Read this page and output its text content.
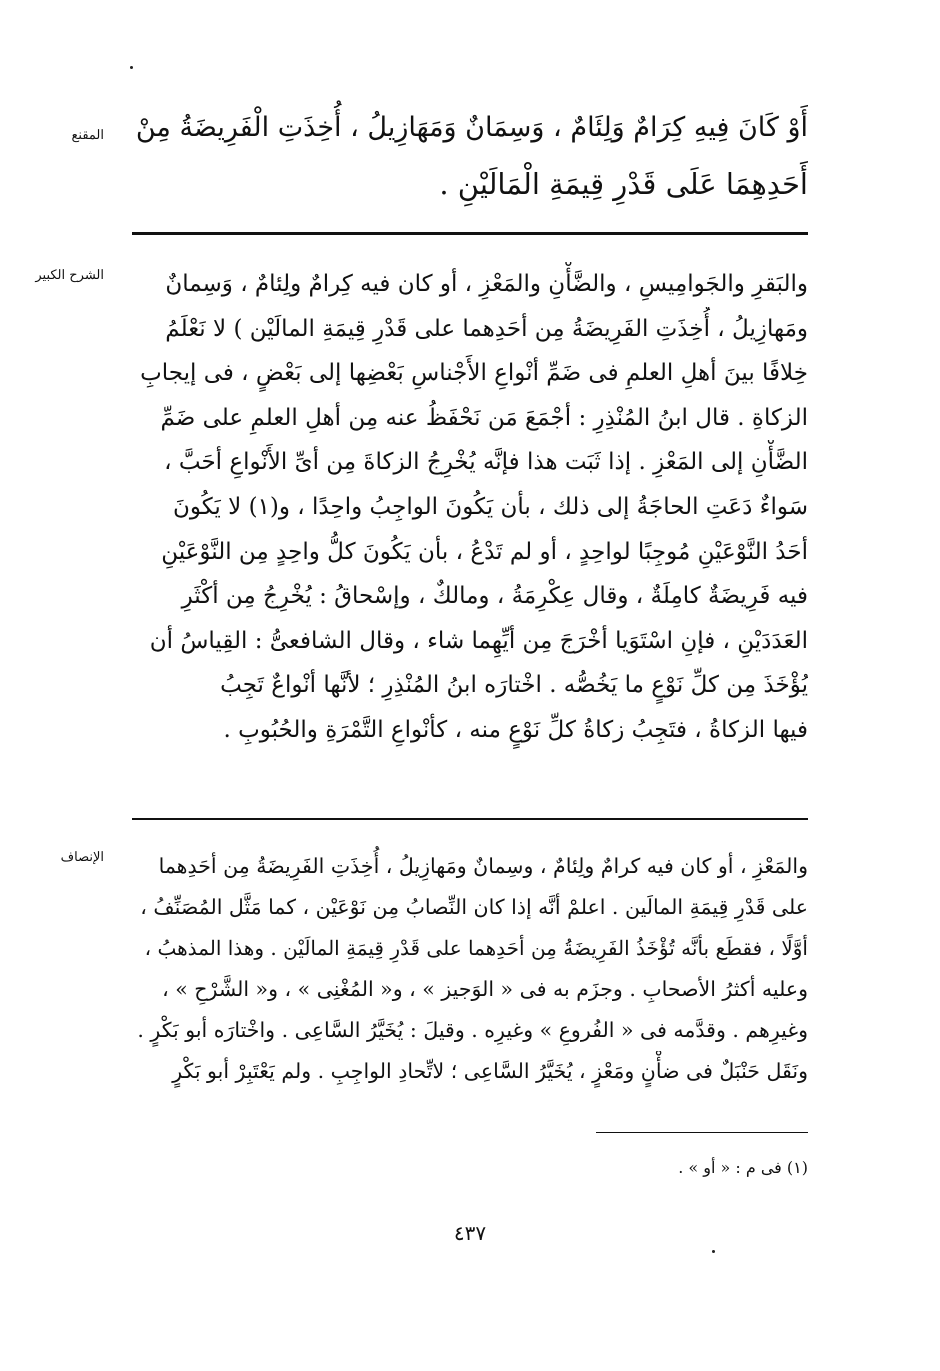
المقنع أَوْ كَانَ فِيهِ كِرَامٌ وَلِئَامٌ ، وَسِمَانٌ وَمَهَازِيلُ ، أُخِذَتِ الْفَرِيضَةُ مِنْ
أَحَدِهِمَا عَلَى قَدْرِ قِيمَةِ الْمَالَيْنِ .
الشرح الكبير	والبَقرِ والجَوامِيسِ ، والضَّأْنِ والمَعْزِ ، أو كان فيه كِرامٌ ولِئامٌ ، وَسِمانٌ
ومَهازِيلُ ، أُخِذَتِ الفَرِيضَةُ مِن أحَدِهما على قَدْرِ قِيمَةِ المالَيْن ) لا نَعْلَمُ
خِلافًا بينَ أهلِ العلمِ فى ضَمِّ أنْواعِ الأَجْناسِ بَعْضِها إلى بَعْضٍ ، فى إيجابِ
الزكاةِ . قال ابنُ المُنْذِرِ : أجْمَعَ مَن نَحْفَظُ عنه مِن أهلِ العلمِ على ضَمِّ
الضَّأْنِ إلى المَعْزِ . إذا ثَبَت هذا فإنَّه يُخْرِجُ الزكاةَ مِن أىِّ الأَنْواعِ أحَبَّ ،
سَواءٌ دَعَتِ الحاجَةُ إلى ذلك ، بأن يَكُونَ الواجِبُ واحِدًا ، و(١) لا يَكُونَ
أحَدُ النَّوْعَيْنِ مُوجِبًا لواحِدٍ ، أو لم تَدْعُ ، بأن يَكُونَ كلُّ واحِدٍ مِن النَّوْعَيْنِ
فيه فَرِيضَةٌ كامِلَةٌ ، وقال عِكْرِمَةُ ، ومالكٌ ، وإسْحاقُ : يُخْرِجُ مِن أكْثَرِ
العَدَدَيْنِ ، فإنِ اسْتَوَيا أخْرَجَ مِن أيِّهِما شاء ، وقال الشافعىُّ : القِياسُ أن
يُؤْخَذَ مِن كلِّ نَوْعٍ ما يَخُصُّه . اخْتارَه ابنُ المُنْذِرِ ؛ لأنَّها أنْواعٌ تَجِبُ
فيها الزكاةُ ، فتَجِبُ زكاةُ كلِّ نَوْعٍ منه ، كأنْواعِ التَّمْرَةِ والحُبُوبِ .
الإنصاف	والمَعْزِ ، أو كان فيه كرامٌ ولِئامٌ ، وسِمانٌ ومَهازِيلُ ، أُخِذَتِ الفَرِيضَةُ مِن أحَدِهما
على قَدْرِ قِيمَةِ المالَين . اعلمْ أنَّه إذا كان النِّصابُ مِن نَوْعَيْن ، كما مَثَّل المُصَنِّفُ ،
أوَّلًا ، فقطَع بأنَّه تُؤْخَذُ الفَرِيضَةُ مِن أحَدِهما على قَدْرِ قِيمَةِ المالَيْن . وهذا المذهبُ ،
وعليه أكثرُ الأصحابِ . وجزَم به فى « الوَجيز » ، و« المُغْنِى » ، و« الشَّرْحِ » ،
وغيرِهم . وقدَّمه فى « الفُروعِ » وغيرِه . وقيلَ : يُخَيَّرُ السَّاعِى . واخْتارَه أبو بَكْرٍ .
ونَقَل حَنْبَلٌ فى ضأْنٍ ومَعْزٍ ، يُخَيَّرُ السَّاعِى ؛ لاتِّحادِ الواجِبِ . ولم يَعْتَبِرْ أبو بَكْرٍ
(١) فى م : « أو » .
٤٣٧
